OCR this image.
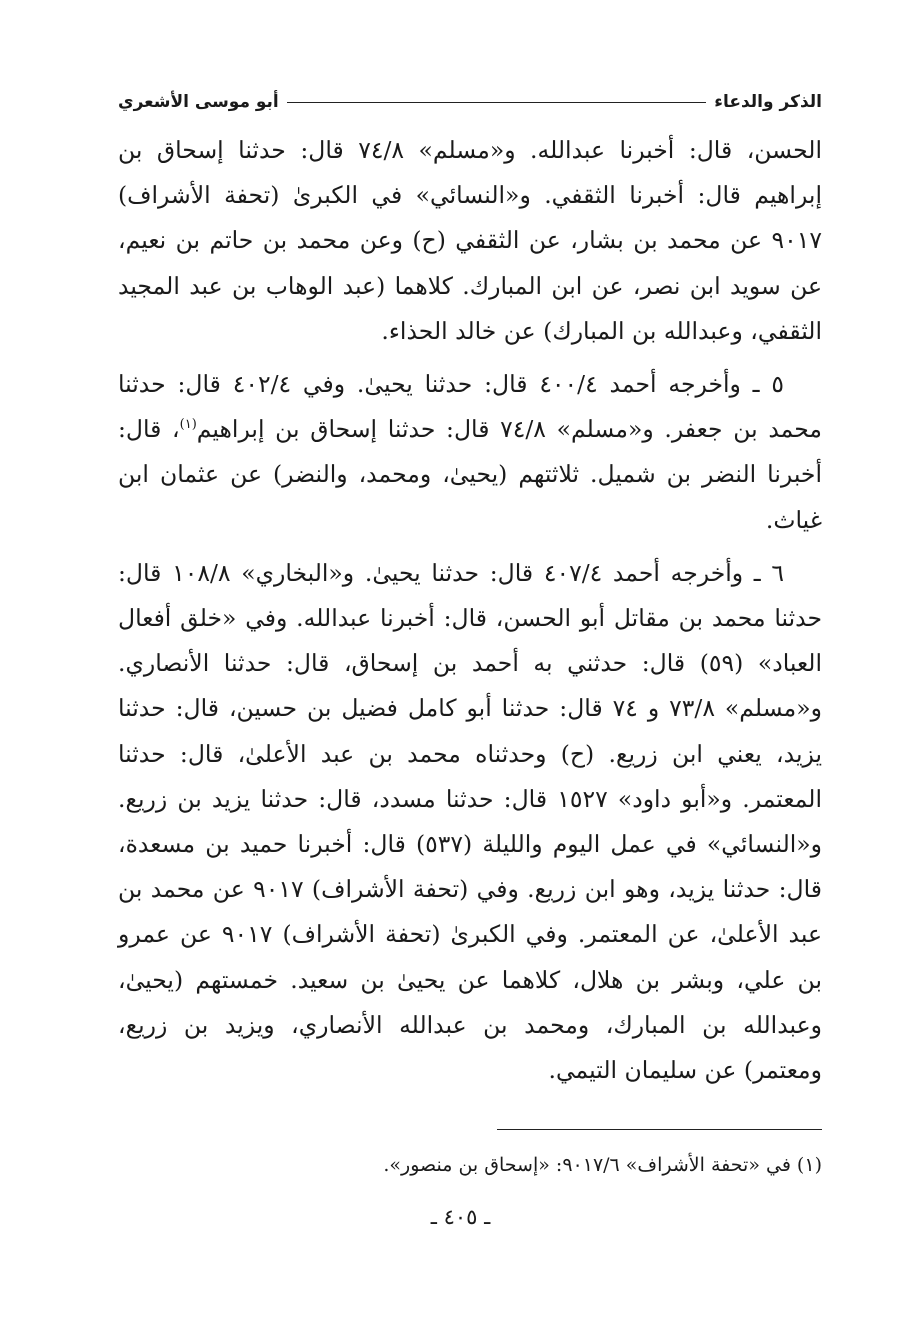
الذكر والدعاء
أبو موسى الأشعري

الحسن، قال: أخبرنا عبدالله. و«مسلم» ٧٤/٨ قال: حدثنا إسحاق بن إبراهيم قال: أخبرنا الثقفي. و«النسائي» في الكبرىٰ (تحفة الأشراف) ٩٠١٧ عن محمد بن بشار، عن الثقفي (ح) وعن محمد بن حاتم بن نعيم، عن سويد ابن نصر، عن ابن المبارك. كلاهما (عبد الوهاب بن عبد المجيد الثقفي، وعبدالله بن المبارك) عن خالد الحذاء.

٥ ـ وأخرجه أحمد ٤٠٠/٤ قال: حدثنا يحيىٰ. وفي ٤٠٢/٤ قال: حدثنا محمد بن جعفر. و«مسلم» ٧٤/٨ قال: حدثنا إسحاق بن إبراهيم$^{(١)}$، قال: أخبرنا النضر بن شميل. ثلاثتهم (يحيىٰ، ومحمد، والنضر) عن عثمان ابن غياث.

٦ ـ وأخرجه أحمد ٤٠٧/٤ قال: حدثنا يحيىٰ. و«البخاري» ١٠٨/٨ قال: حدثنا محمد بن مقاتل أبو الحسن، قال: أخبرنا عبدالله. وفي «خلق أفعال العباد» (٥٩) قال: حدثني به أحمد بن إسحاق، قال: حدثنا الأنصاري. و«مسلم» ٧٣/٨ و ٧٤ قال: حدثنا أبو كامل فضيل بن حسين، قال: حدثنا يزيد، يعني ابن زريع. (ح) وحدثناه محمد بن عبد الأعلىٰ، قال: حدثنا المعتمر. و«أبو داود» ١٥٢٧ قال: حدثنا مسدد، قال: حدثنا يزيد بن زريع. و«النسائي» في عمل اليوم والليلة (٥٣٧) قال: أخبرنا حميد بن مسعدة، قال: حدثنا يزيد، وهو ابن زريع. وفي (تحفة الأشراف) ٩٠١٧ عن محمد بن عبد الأعلىٰ، عن المعتمر. وفي الكبرىٰ (تحفة الأشراف) ٩٠١٧ عن عمرو بن علي، وبشر بن هلال، كلاهما عن يحيىٰ بن سعيد. خمستهم (يحيىٰ، وعبدالله بن المبارك، ومحمد بن عبدالله الأنصاري، ويزيد بن زريع، ومعتمر) عن سليمان التيمي.

(١) في «تحفة الأشراف» ٩٠١٧/٦: «إسحاق بن منصور».
ـ ٤٠٥ ـ
